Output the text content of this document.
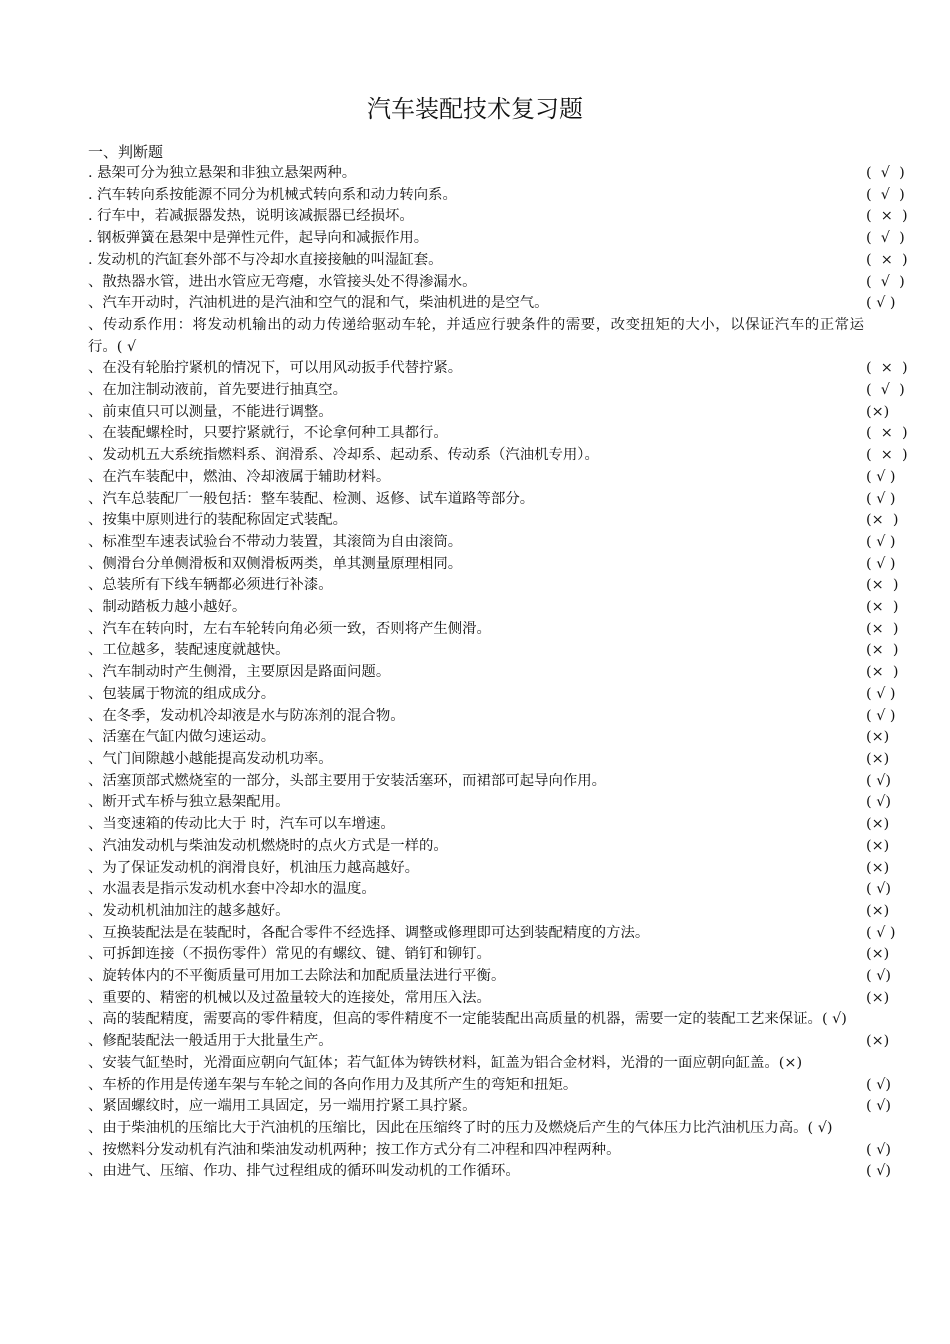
汽车装配技术复习题
一、判断题
. 悬架可分为独立悬架和非独立悬架两种。	(  √  )
. 汽车转向系按能源不同分为机械式转向系和动力转向系。	(  √  )
. 行车中，若减振器发热，说明该减振器已经损坏。	(  ×  )
. 钢板弹簧在悬架中是弹性元件，起导向和减振作用。	(  √  )
. 发动机的汽缸套外部不与冷却水直接接触的叫湿缸套。	(  ×  )
、散热器水管，进出水管应无弯瘪，水管接头处不得渗漏水。	(  √  )
、汽车开动时，汽油机进的是汽油和空气的混和气，柴油机进的是空气。	( √ )
、传动系作用：将发动机输出的动力传递给驱动车轮，并适应行驶条件的需要，改变扭矩的大小，以保证汽车的正常运行。( √
、在没有轮胎拧紧机的情况下，可以用风动扳手代替拧紧。	(  ×  )
、在加注制动液前，首先要进行抽真空。	(  √  )
、前束值只可以测量，不能进行调整。	(×)
、在装配螺栓时，只要拧紧就行，不论拿何种工具都行。	(  ×  )
、发动机五大系统指燃料系、润滑系、冷却系、起动系、传动系（汽油机专用）。	(  ×  )
、在汽车装配中，燃油、冷却液属于辅助材料。	( √ )
、汽车总装配厂一般包括：整车装配、检测、返修、试车道路等部分。	( √ )
、按集中原则进行的装配称固定式装配。	(×  )
、标准型车速表试验台不带动力装置，其滚筒为自由滚筒。	( √ )
、侧滑台分单侧滑板和双侧滑板两类，单其测量原理相同。	( √ )
、总装所有下线车辆都必须进行补漆。	(×  )
、制动踏板力越小越好。	(×  )
、汽车在转向时，左右车轮转向角必须一致，否则将产生侧滑。	(×  )
、工位越多，装配速度就越快。	(×  )
、汽车制动时产生侧滑，主要原因是路面问题。	(×  )
、包装属于物流的组成成分。	( √ )
、在冬季，发动机冷却液是水与防冻剂的混合物。	( √ )
、活塞在气缸内做匀速运动。	(×)
、气门间隙越小越能提高发动机功率。	(×)
、活塞顶部式燃烧室的一部分，头部主要用于安装活塞环，而裙部可起导向作用。	( √)
、断开式车桥与独立悬架配用。	( √)
、当变速箱的传动比大于 时，汽车可以车增速。	(×)
、汽油发动机与柴油发动机燃烧时的点火方式是一样的。	(×)
、为了保证发动机的润滑良好，机油压力越高越好。	(×)
、水温表是指示发动机水套中冷却水的温度。	( √)
、发动机机油加注的越多越好。	(×)
、互换装配法是在装配时，各配合零件不经选择、调整或修理即可达到装配精度的方法。	( √ )
、可拆卸连接（不损伤零件）常见的有螺纹、键、销钉和铆钉。	(×)
、旋转体内的不平衡质量可用加工去除法和加配质量法进行平衡。	( √)
、重要的、精密的机械以及过盈量较大的连接处，常用压入法。	(×)
、高的装配精度，需要高的零件精度，但高的零件精度不一定能装配出高质量的机器，需要一定的装配工艺来保证。( √)
、修配装配法一般适用于大批量生产。	(×)
、安装气缸垫时，光滑面应朝向气缸体；若气缸体为铸铁材料，缸盖为铝合金材料，光滑的一面应朝向缸盖。(×)
、车桥的作用是传递车架与车轮之间的各向作用力及其所产生的弯矩和扭矩。	( √)
、紧固螺纹时，应一端用工具固定，另一端用拧紧工具拧紧。	( √)
、由于柴油机的压缩比大于汽油机的压缩比，因此在压缩终了时的压力及燃烧后产生的气体压力比汽油机压力高。( √)
、按燃料分发动机有汽油和柴油发动机两种；按工作方式分有二冲程和四冲程两种。	( √)
、由进气、压缩、作功、排气过程组成的循环叫发动机的工作循环。	( √)
